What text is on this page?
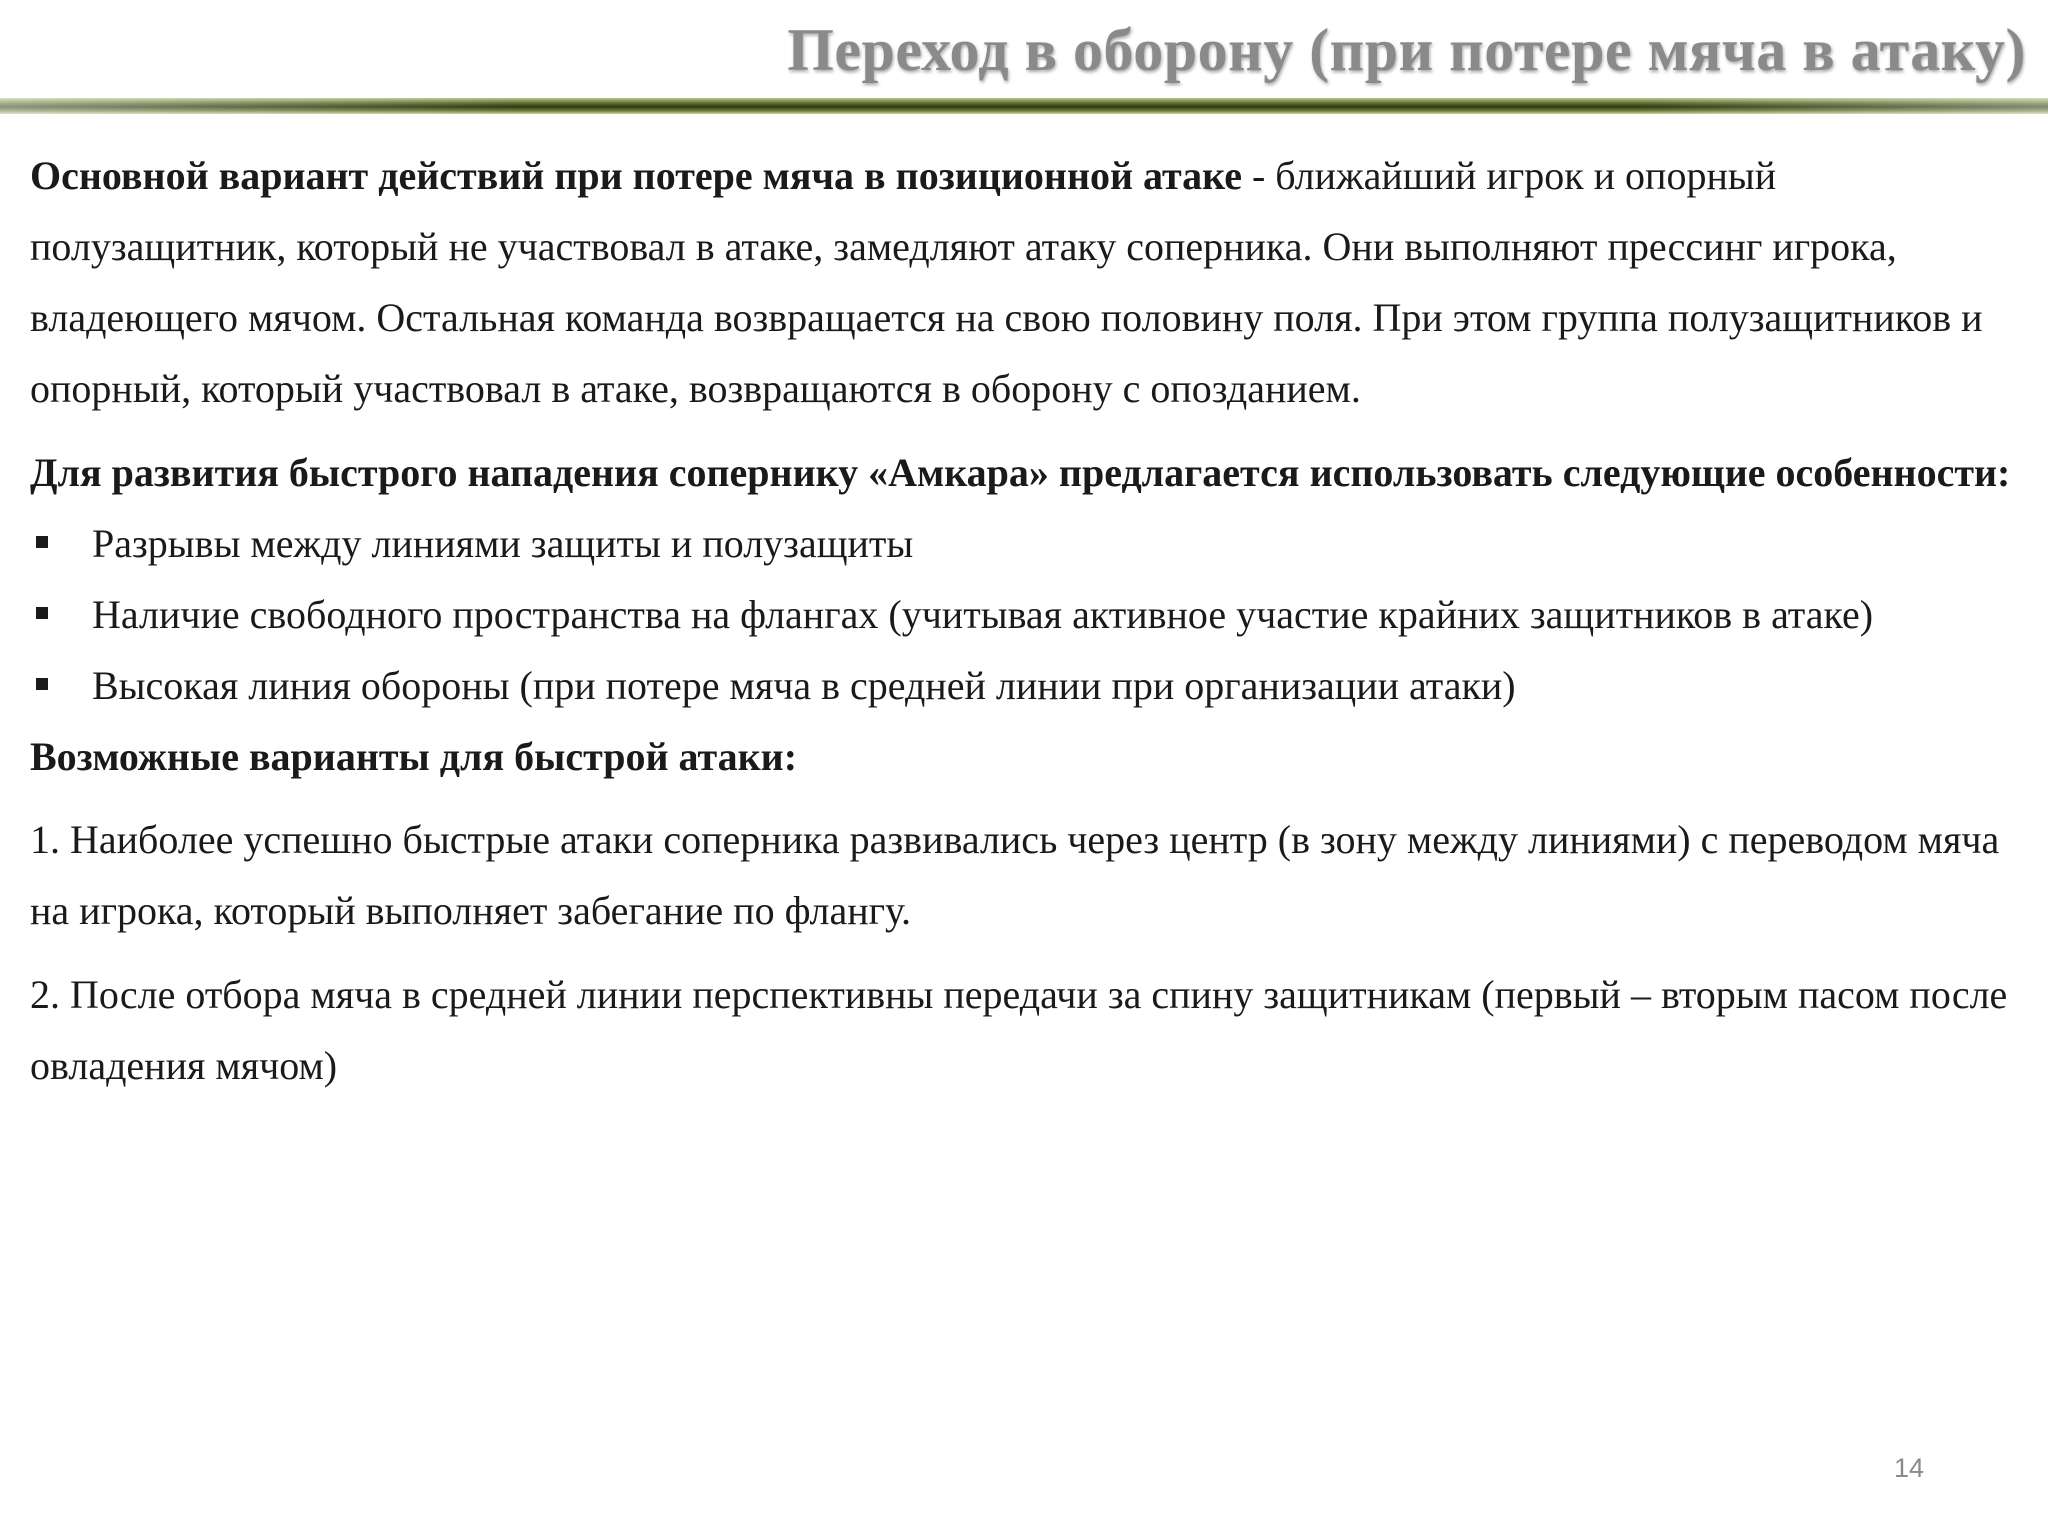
Переход в оборону (при потере мяча в атаку)

Основной вариант действий при потере мяча в позиционной атаке - ближайший игрок и опорный полузащитник, который не участвовал в атаке, замедляют атаку соперника. Они выполняют прессинг игрока, владеющего мячом. Остальная команда возвращается на свою половину поля. При этом группа полузащитников и опорный, который участвовал в атаке, возвращаются в оборону с опозданием.

Для развития быстрого нападения сопернику «Амкара» предлагается использовать следующие особенности:

Разрывы между линиями защиты и полузащиты
Наличие свободного пространства на флангах (учитывая активное участие крайних защитников в атаке)
Высокая линия обороны (при потере мяча в средней линии при организации атаки)

Возможные варианты для быстрой атаки:

1. Наиболее успешно быстрые атаки соперника развивались через центр (в зону между линиями) с переводом мяча на игрока, который выполняет забегание по флангу.

2. После отбора мяча в средней линии перспективны передачи за спину защитникам (первый – вторым пасом после овладения мячом)

14
